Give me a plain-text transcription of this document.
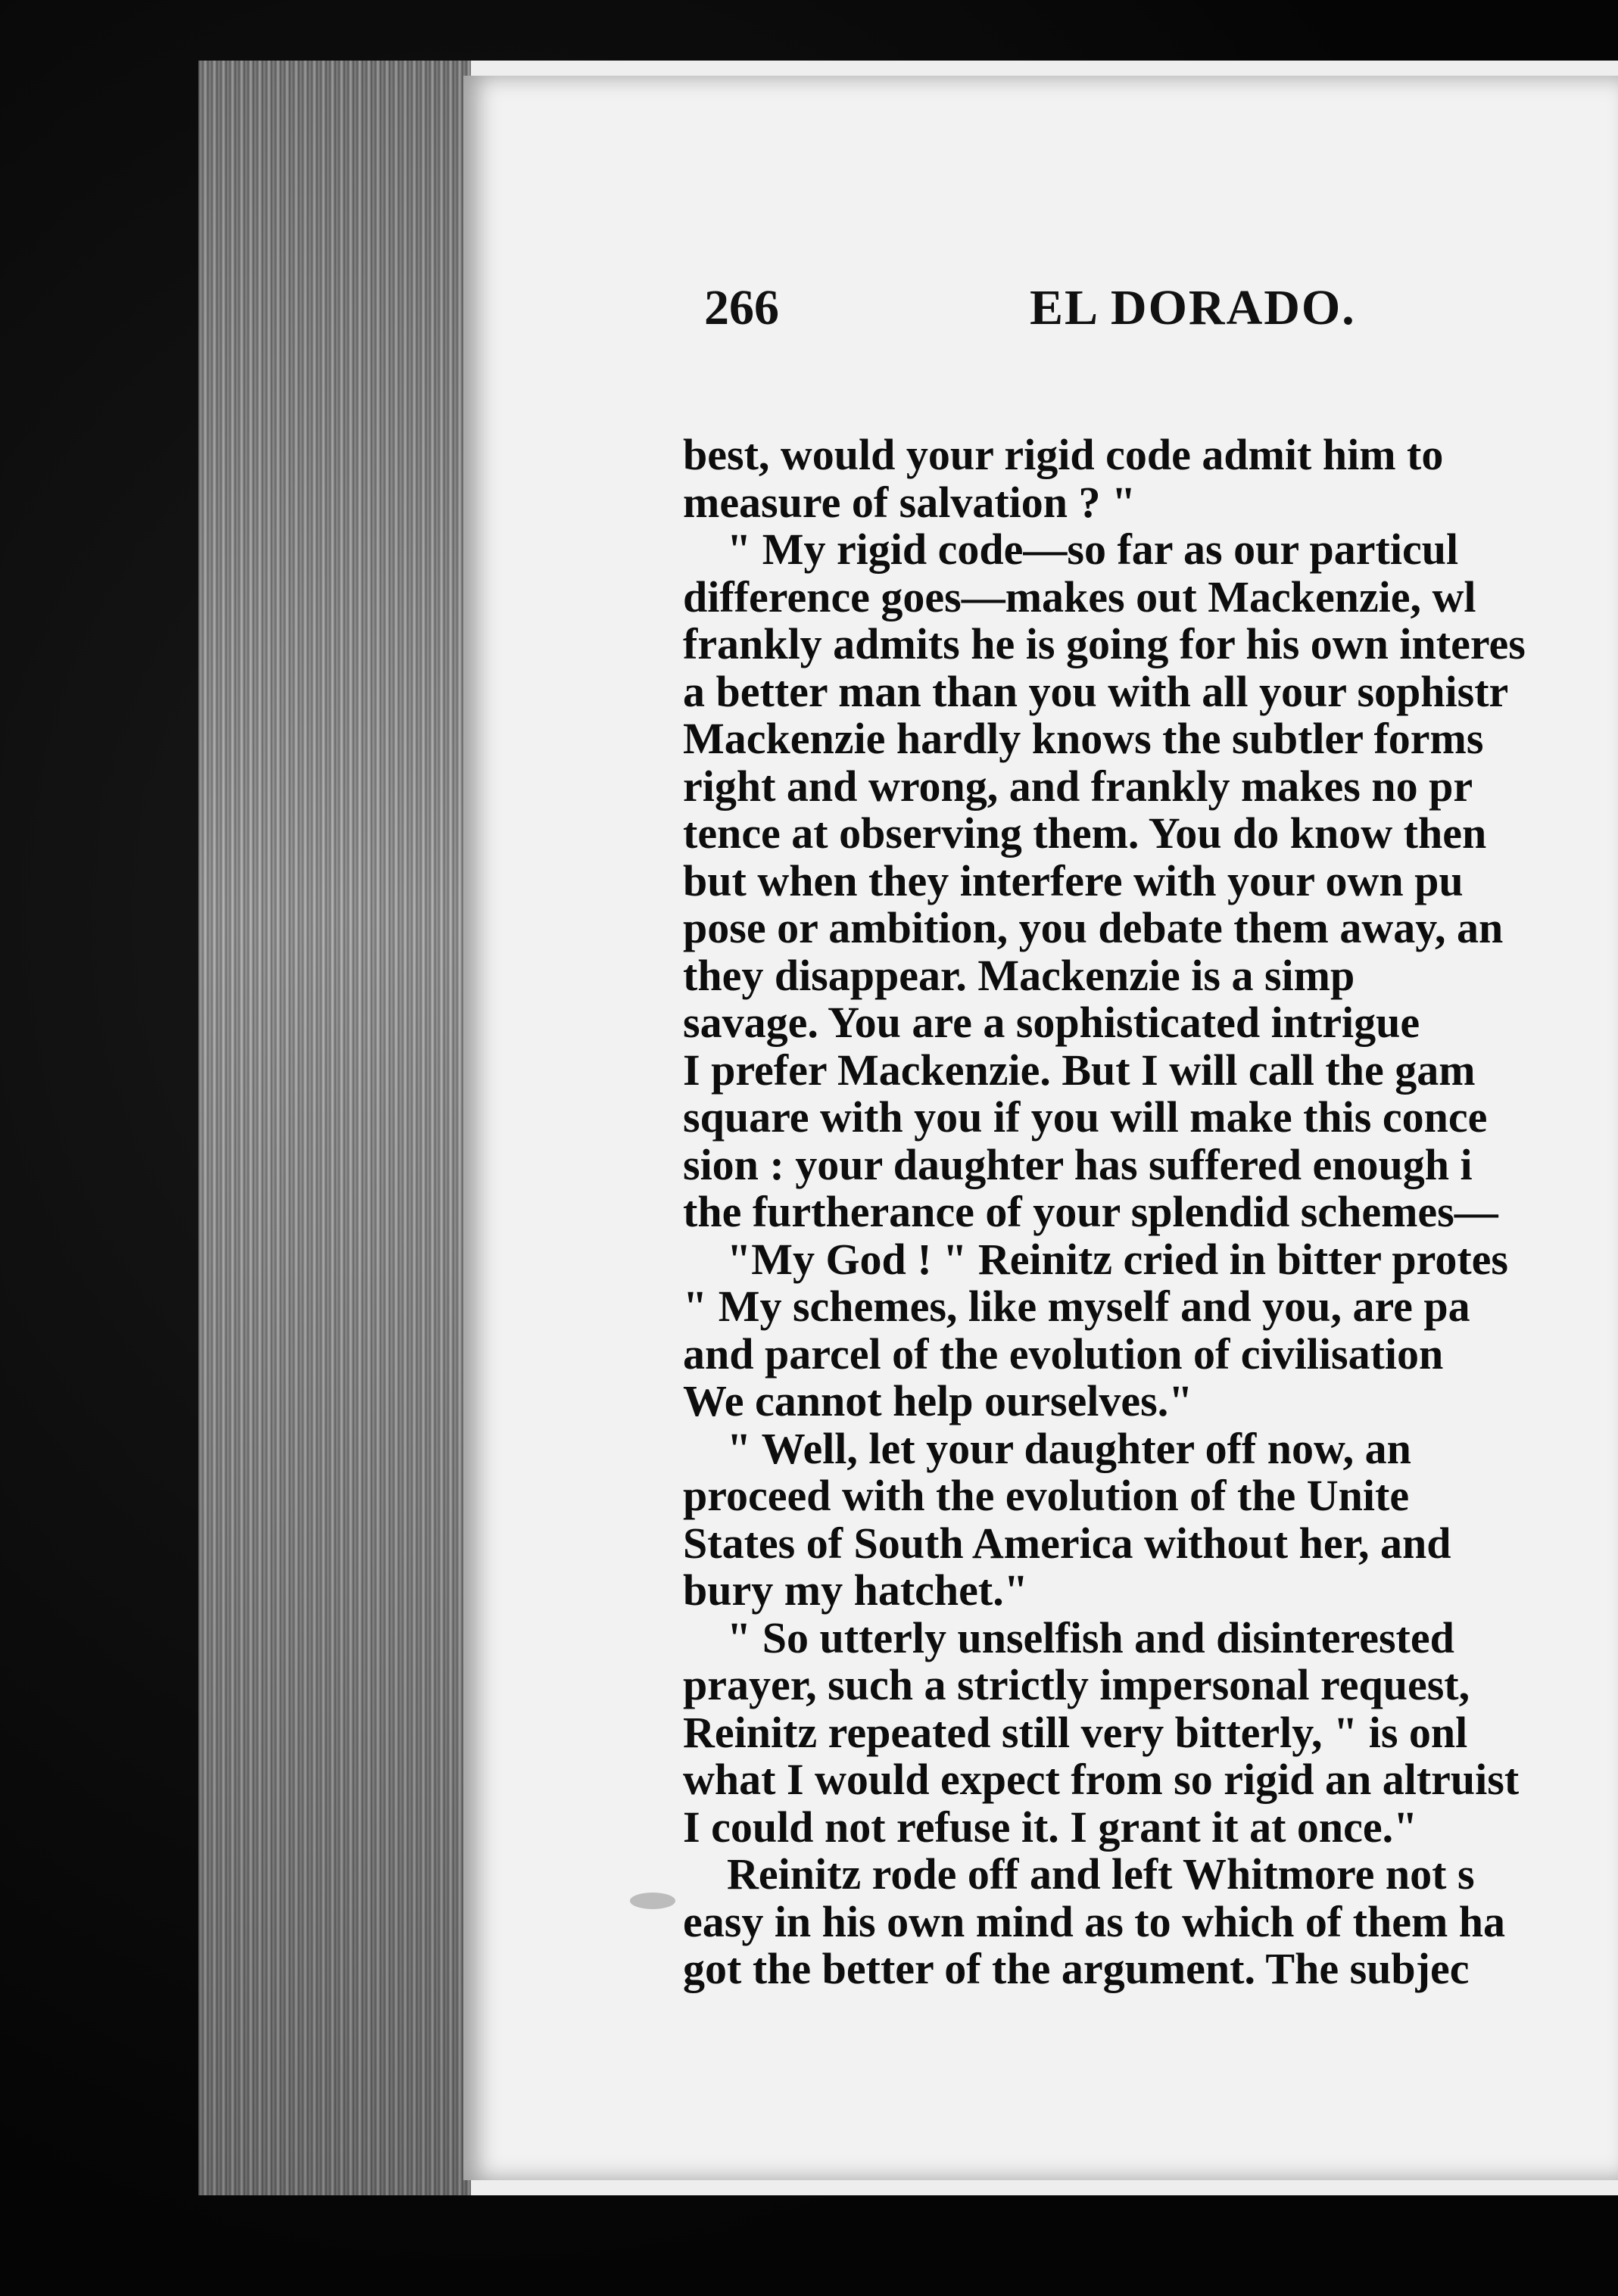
266	EL DORADO.
best, would your rigid code admit him to
measure of salvation ? "
" My rigid code—so far as our particul
difference goes—makes out Mackenzie, wl
frankly admits he is going for his own interes
a better man than you with all your sophistr
Mackenzie hardly knows the subtler forms
right and wrong, and frankly makes no pr
tence at observing them. You do know then
but when they interfere with your own pu
pose or ambition, you debate them away, an
they disappear. Mackenzie is a simp
savage. You are a sophisticated intrigue
I prefer Mackenzie. But I will call the gam
square with you if you will make this conce
sion : your daughter has suffered enough i
the furtherance of your splendid schemes—
"My God ! " Reinitz cried in bitter protes
" My schemes, like myself and you, are pa
and parcel of the evolution of civilisation
We cannot help ourselves."
" Well, let your daughter off now, an
proceed with the evolution of the Unite
States of South America without her, and
bury my hatchet."
" So utterly unselfish and disinterested
prayer, such a strictly impersonal request,
Reinitz repeated still very bitterly, " is onl
what I would expect from so rigid an altruist
I could not refuse it. I grant it at once."
Reinitz rode off and left Whitmore not s
easy in his own mind as to which of them ha
got the better of the argument. The subjec
